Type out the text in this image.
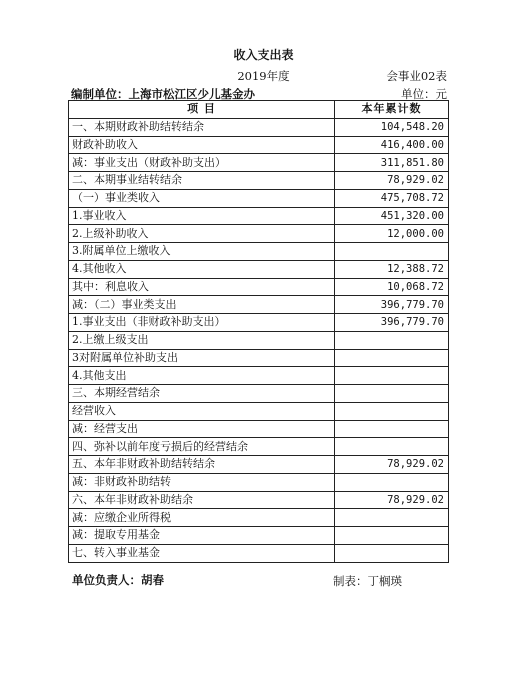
收入支出表
2019年度	会事业02表
编制单位：上海市松江区少儿基金办	单位：元
项 目	本年累计数
一、本期财政补助结转结余	104,548.20
财政补助收入	416,400.00
减：事业支出（财政补助支出）	311,851.80
二、本期事业结转结余	78,929.02
（一）事业类收入	475,708.72
1.事业收入	451,320.00
2.上级补助收入	12,000.00
3.附属单位上缴收入	
4.其他收入	12,388.72
其中：利息收入	10,068.72
减：（二）事业类支出	396,779.70
1.事业支出（非财政补助支出）	396,779.70
2.上缴上级支出	
3对附属单位补助支出	
4.其他支出	
三、本期经营结余	
经营收入	
减：经营支出	
四、弥补以前年度亏损后的经营结余	
五、本年非财政补助结转结余	78,929.02
减：非财政补助结转	
六、本年非财政补助结余	78,929.02
减：应缴企业所得税	
减：提取专用基金	
七、转入事业基金	
单位负责人：胡春	制表：丁榈瑛
